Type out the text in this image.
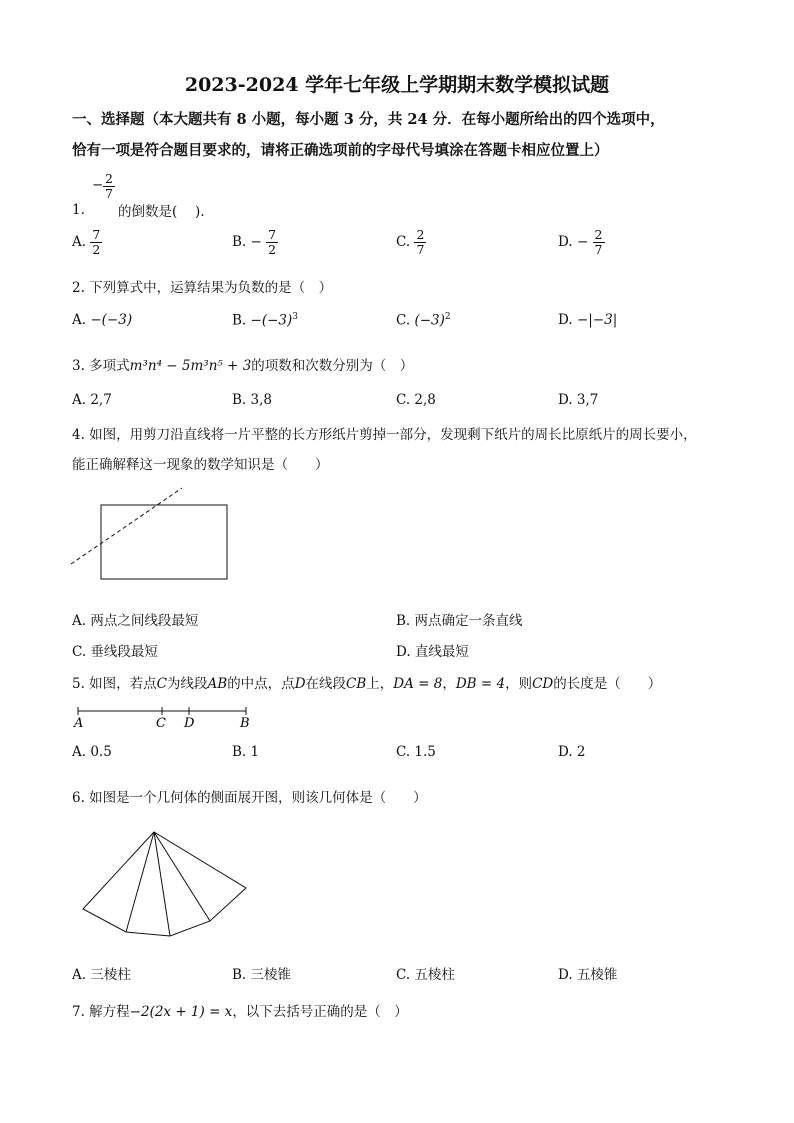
2023-2024 学年七年级上学期期末数学模拟试题
一、选择题（本大题共有 8 小题，每小题 3 分，共 24 分．在每小题所给出的四个选项中，
恰有一项是符合题目要求的，请将正确选项前的字母代号填涂在答题卡相应位置上）
1.
− $\frac{2}{7}$
的倒数是(　 ).
A. $\frac{7}{2}$	B. − $\frac{7}{2}$	C. $\frac{2}{7}$	D. − $\frac{2}{7}$
2. 下列算式中，运算结果为负数的是（　）
A. −(−3)	B. $-(-3)^3$	C. $(-3)^2$	D. −|−3|
3. 多项式m³n⁴ − 5m³n⁵ + 3的项数和次数分别为（　）
A. 2,7	B. 3,8	C. 2,8	D. 3,7
4. 如图，用剪刀沿直线将一片平整的长方形纸片剪掉一部分，发现剩下纸片的周长比原纸片的周长要小，
能正确解释这一现象的数学知识是（　　）
A. 两点之间线段最短	B. 两点确定一条直线
C. 垂线段最短	D. 直线最短
5. 如图，若点C为线段AB的中点，点D在线段CB上，DA = 8，DB = 4，则CD的长度是（　　）
A	C D	B
A. 0.5	B. 1	C. 1.5	D. 2
6. 如图是一个几何体的侧面展开图，则该几何体是（　　）
A. 三棱柱	B. 三棱锥	C. 五棱柱	D. 五棱锥
7. 解方程−2(2x + 1) = x，以下去括号正确的是（　）
